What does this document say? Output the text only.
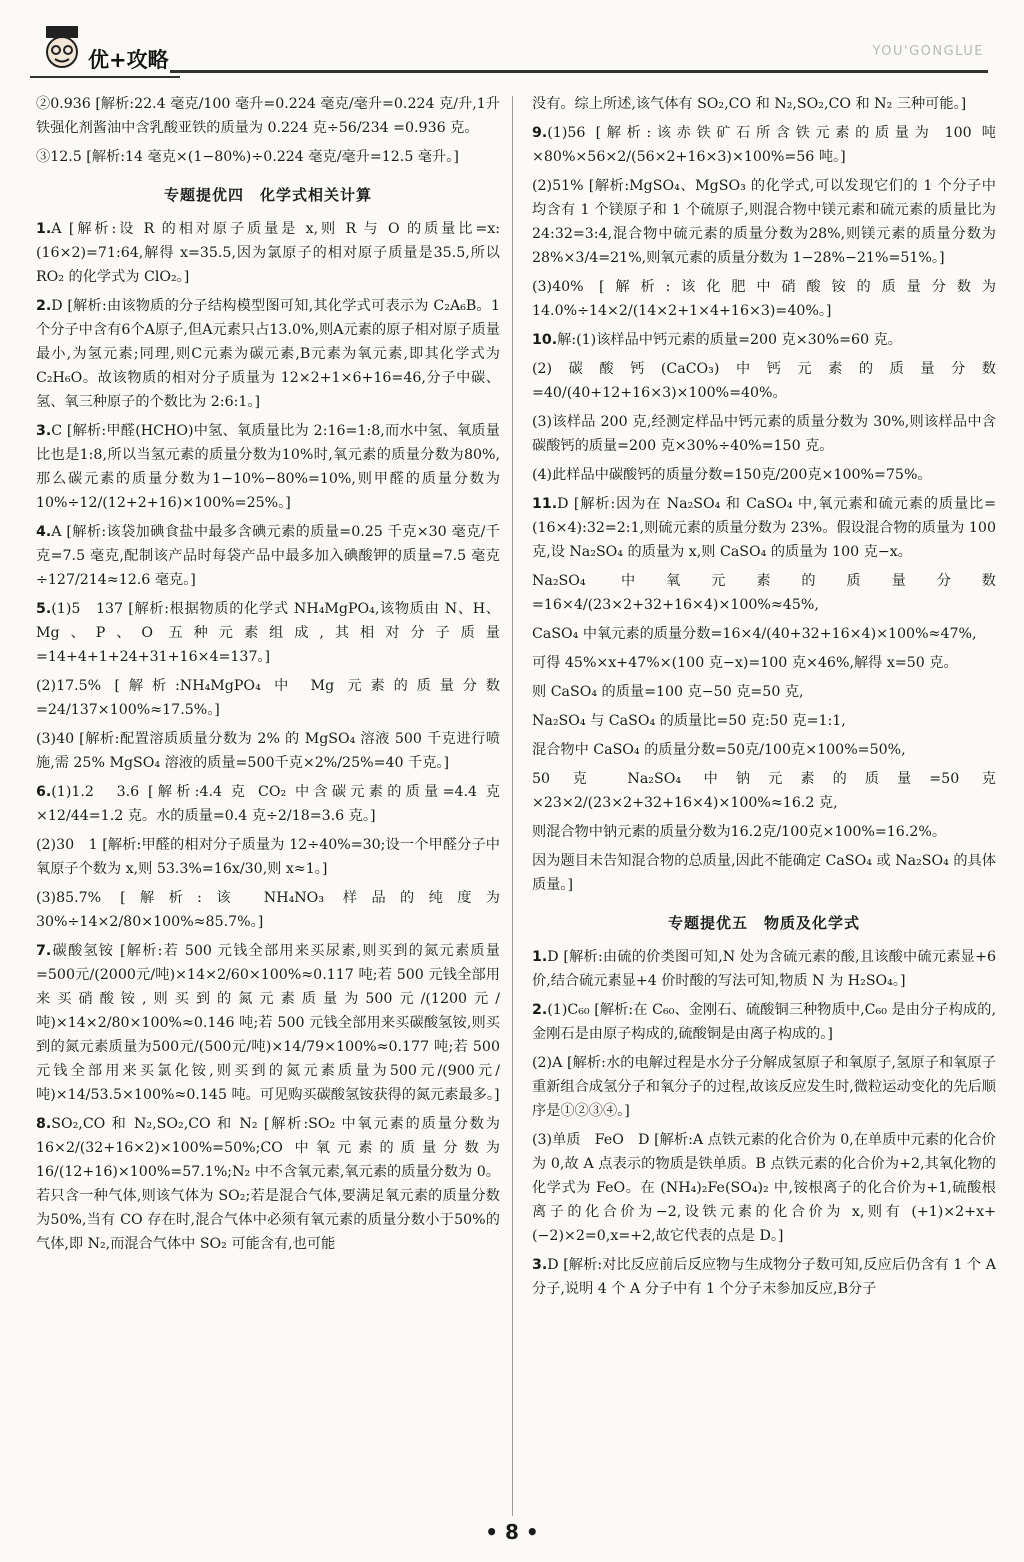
优+攻略	YOU'GONGLUE
②0.936 [解析:22.4 毫克/100 毫升=0.224 毫克/毫升=0.224 克/升,1升铁强化剂酱油中含乳酸亚铁的质量为 0.224 克÷56/234 =0.936 克。
③12.5 [解析:14 毫克×(1−80%)÷0.224 毫克/毫升=12.5 毫升。]
专题提优四　化学式相关计算
1.A [解析:设 R 的相对原子质量是 x,则 R 与 O 的质量比=x:(16×2)=71:64,解得 x=35.5,因为氯原子的相对原子质量是35.5,所以 RO₂ 的化学式为 ClO₂。]
2.D [解析:由该物质的分子结构模型图可知,其化学式可表示为 C₂A₆B。1个分子中含有6个A原子,但A元素只占13.0%,则A元素的原子相对原子质量最小,为氢元素;同理,则C元素为碳元素,B元素为氧元素,即其化学式为 C₂H₆O。故该物质的相对分子质量为 12×2+1×6+16=46,分子中碳、氢、氧三种原子的个数比为 2:6:1。]
3.C [解析:甲醛(HCHO)中氢、氧质量比为 2:16=1:8,而水中氢、氧质量比也是1:8,所以当氢元素的质量分数为10%时,氧元素的质量分数为80%,那么碳元素的质量分数为1−10%−80%=10%,则甲醛的质量分数为10%÷12/(12+2+16)×100%=25%。]
4.A [解析:该袋加碘食盐中最多含碘元素的质量=0.25 千克×30 毫克/千克=7.5 毫克,配制该产品时每袋产品中最多加入碘酸钾的质量=7.5 毫克÷127/214≈12.6 毫克。]
5.(1)5　137 [解析:根据物质的化学式 NH₄MgPO₄,该物质由 N、H、Mg、P、O 五种元素组成,其相对分子质量=14+4+1+24+31+16×4=137。]
(2)17.5% [解析:NH₄MgPO₄ 中 Mg 元素的质量分数=24/137×100%≈17.5%。]
(3)40 [解析:配置溶质质量分数为 2% 的 MgSO₄ 溶液 500 千克进行喷施,需 25% MgSO₄ 溶液的质量=500千克×2%/25%=40 千克。]
6.(1)1.2　3.6 [解析:4.4 克 CO₂ 中含碳元素的质量=4.4 克×12/44=1.2 克。水的质量=0.4 克÷2/18=3.6 克。]
(2)30　1 [解析:甲醛的相对分子质量为 12÷40%=30;设一个甲醛分子中氧原子个数为 x,则 53.3%=16x/30,则 x≈1。]
(3)85.7% [解析:该 NH₄NO₃ 样品的纯度为 30%÷14×2/80×100%≈85.7%。]
7.碳酸氢铵 [解析:若 500 元钱全部用来买尿素,则买到的氮元素质量=500元/(2000元/吨)×14×2/60×100%≈0.117 吨;若 500 元钱全部用来买硝酸铵,则买到的氮元素质量为500元/(1200元/吨)×14×2/80×100%≈0.146 吨;若 500 元钱全部用来买碳酸氢铵,则买到的氮元素质量为500元/(500元/吨)×14/79×100%≈0.177 吨;若 500 元钱全部用来买氯化铵,则买到的氮元素质量为500元/(900元/吨)×14/53.5×100%≈0.145 吨。可见购买碳酸氢铵获得的氮元素最多。]
8.SO₂,CO 和 N₂,SO₂,CO 和 N₂ [解析:SO₂ 中氧元素的质量分数为16×2/(32+16×2)×100%=50%;CO 中氧元素的质量分数为16/(12+16)×100%=57.1%;N₂ 中不含氧元素,氧元素的质量分数为 0。若只含一种气体,则该气体为 SO₂;若是混合气体,要满足氧元素的质量分数为50%,当有 CO 存在时,混合气体中必须有氧元素的质量分数小于50%的气体,即 N₂,而混合气体中 SO₂ 可能含有,也可能
没有。综上所述,该气体有 SO₂,CO 和 N₂,SO₂,CO 和 N₂ 三种可能。]
9.(1)56 [解析:该赤铁矿石所含铁元素的质量为 100 吨×80%×56×2/(56×2+16×3)×100%=56 吨。]
(2)51% [解析:MgSO₄、MgSO₃ 的化学式,可以发现它们的 1 个分子中均含有 1 个镁原子和 1 个硫原子,则混合物中镁元素和硫元素的质量比为 24:32=3:4,混合物中硫元素的质量分数为28%,则镁元素的质量分数为 28%×3/4=21%,则氧元素的质量分数为 1−28%−21%=51%。]
(3)40% [解析:该化肥中硝酸铵的质量分数为 14.0%÷14×2/(14×2+1×4+16×3)=40%。]
10.解:(1)该样品中钙元素的质量=200 克×30%=60 克。
(2)碳酸钙(CaCO₃)中钙元素的质量分数=40/(40+12+16×3)×100%=40%。
(3)该样品 200 克,经测定样品中钙元素的质量分数为 30%,则该样品中含碳酸钙的质量=200 克×30%÷40%=150 克。
(4)此样品中碳酸钙的质量分数=150克/200克×100%=75%。
11.D [解析:因为在 Na₂SO₄ 和 CaSO₄ 中,氧元素和硫元素的质量比=(16×4):32=2:1,则硫元素的质量分数为 23%。假设混合物的质量为 100 克,设 Na₂SO₄ 的质量为 x,则 CaSO₄ 的质量为 100 克−x。
Na₂SO₄ 中氧元素的质量分数=16×4/(23×2+32+16×4)×100%≈45%,
CaSO₄ 中氧元素的质量分数=16×4/(40+32+16×4)×100%≈47%,
可得 45%×x+47%×(100 克−x)=100 克×46%,解得 x=50 克。
则 CaSO₄ 的质量=100 克−50 克=50 克,
Na₂SO₄ 与 CaSO₄ 的质量比=50 克:50 克=1:1,
混合物中 CaSO₄ 的质量分数=50克/100克×100%=50%,
50 克 Na₂SO₄ 中钠元素的质量=50 克×23×2/(23×2+32+16×4)×100%≈16.2 克,
则混合物中钠元素的质量分数为16.2克/100克×100%=16.2%。
因为题目未告知混合物的总质量,因此不能确定 CaSO₄ 或 Na₂SO₄ 的具体质量。]
专题提优五　物质及化学式
1.D [解析:由硫的价类图可知,N 处为含硫元素的酸,且该酸中硫元素显+6 价,结合硫元素显+4 价时酸的写法可知,物质 N 为 H₂SO₄。]
2.(1)C₆₀ [解析:在 C₆₀、金刚石、硫酸铜三种物质中,C₆₀ 是由分子构成的,金刚石是由原子构成的,硫酸铜是由离子构成的。]
(2)A [解析:水的电解过程是水分子分解成氢原子和氧原子,氢原子和氧原子重新组合成氢分子和氧分子的过程,故该反应发生时,微粒运动变化的先后顺序是①②③④。]
(3)单质　FeO　D [解析:A 点铁元素的化合价为 0,在单质中元素的化合价为 0,故 A 点表示的物质是铁单质。B 点铁元素的化合价为+2,其氧化物的化学式为 FeO。在 (NH₄)₂Fe(SO₄)₂ 中,铵根离子的化合价为+1,硫酸根离子的化合价为−2,设铁元素的化合价为 x,则有 (+1)×2+x+(−2)×2=0,x=+2,故它代表的点是 D。]
3.D [解析:对比反应前后反应物与生成物分子数可知,反应后仍含有 1 个 A 分子,说明 4 个 A 分子中有 1 个分子未参加反应,B分子
• 8 •
